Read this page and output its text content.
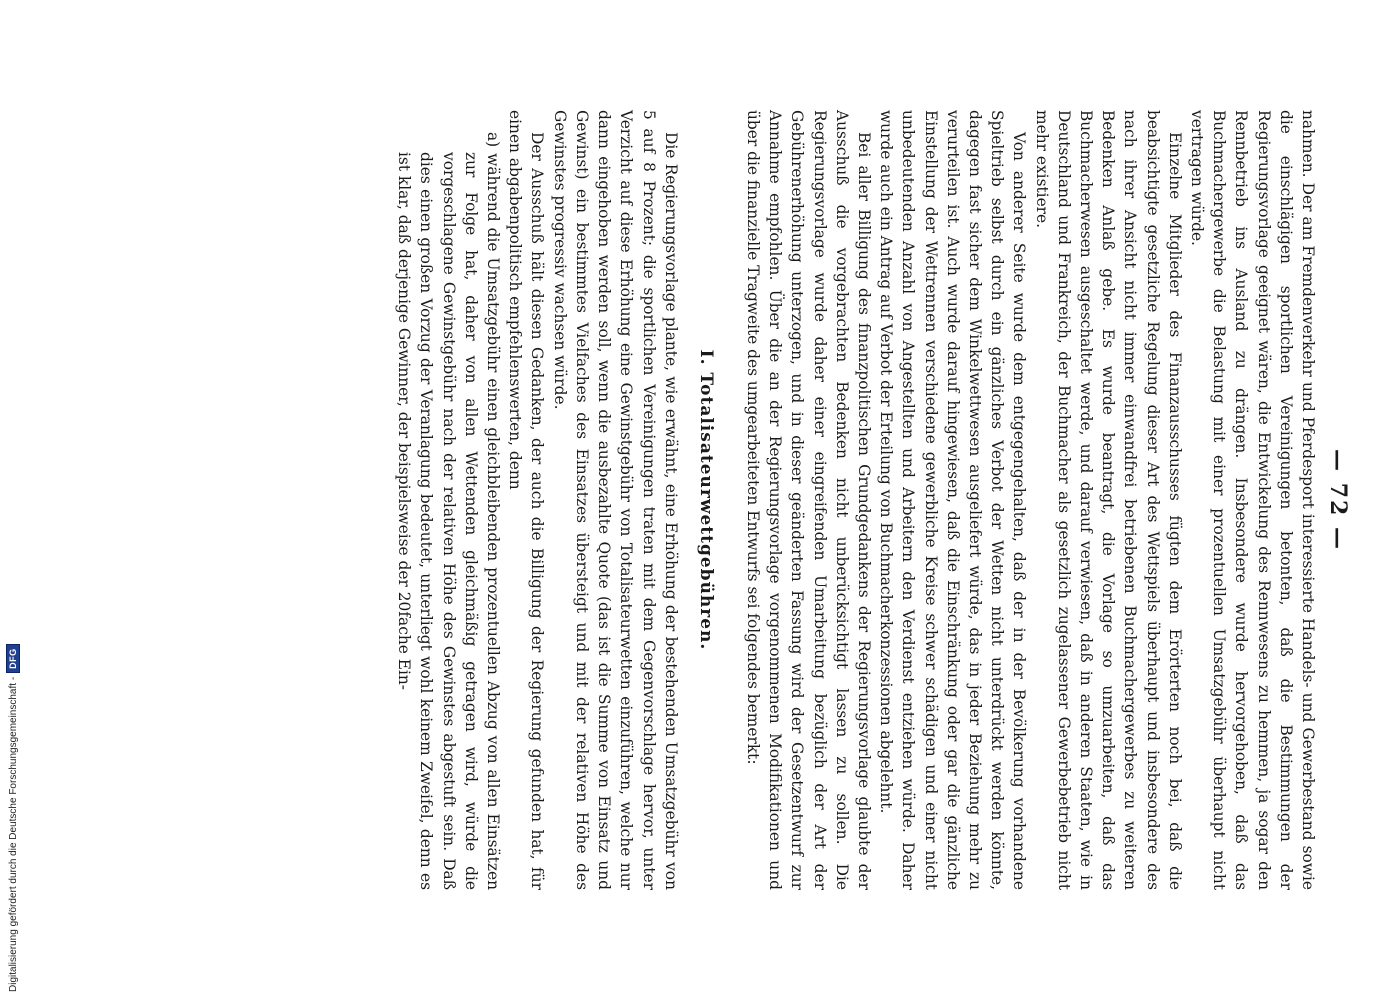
— 72 —

nahmen. Der am Fremdenverkehr und Pferdesport interessierte Handels- und Gewerbestand sowie die einschlägigen sportlichen Vereinigungen betonten, daß die Bestimmungen der Regierungsvorlage geeignet wären, die Entwickelung des Rennwesens zu hemmen, ja sogar den Rennbetrieb ins Ausland zu drängen. Insbesondere wurde hervorgehoben, daß das Buchmachergewerbe die Belastung mit einer prozentuellen Umsatzgebühr überhaupt nicht vertragen würde.

Einzelne Mitglieder des Finanzausschusses fügten dem Erörterten noch bei, daß die beabsichtigte gesetzliche Regelung dieser Art des Wettspiels überhaupt und insbesondere des nach ihrer Ansicht nicht immer einwandfrei betriebenen Buchmachergewerbes zu weiteren Bedenken Anlaß gebe. Es wurde beantragt, die Vorlage so umzuarbeiten, daß das Buchmacherwesen ausgeschaltet werde, und darauf verwiesen, daß in anderen Staaten, wie in Deutschland und Frankreich, der Buchmacher als gesetzlich zugelassener Gewerbebetrieb nicht mehr existiere.

Von anderer Seite wurde dem entgegengehalten, daß der in der Bevölkerung vorhandene Spieltrieb selbst durch ein gänzliches Verbot der Wetten nicht unterdrückt werden könnte, dagegen fast sicher dem Winkelwettwesen ausgeliefert würde, das in jeder Beziehung mehr zu verurteilen ist. Auch wurde darauf hingewiesen, daß die Einschränkung oder gar die gänzliche Einstellung der Wettrennen verschiedene gewerbliche Kreise schwer schädigen und einer nicht unbedeutenden Anzahl von Angestellten und Arbeitern den Verdienst entziehen würde. Daher wurde auch ein Antrag auf Verbot der Erteilung von Buchmacherkonzessionen abgelehnt.

Bei aller Billigung des finanzpolitischen Grundgedankens der Regierungsvorlage glaubte der Ausschuß die vorgebrachten Bedenken nicht unberücksichtigt lassen zu sollen. Die Regierungsvorlage wurde daher einer eingreifenden Umarbeitung bezüglich der Art der Gebührenerhöhung unterzogen, und in dieser geänderten Fassung wird der Gesetzentwurf zur Annahme empfohlen. Über die an der Regierungsvorlage vorgenommenen Modifikationen und über die finanzielle Tragweite des umgearbeiteten Entwurfs sei folgendes bemerkt:

I. Totalisateurwettgebühren.

Die Regierungsvorlage plante, wie erwähnt, eine Erhöhung der bestehenden Umsatzgebühr von 5 auf 8 Prozent; die sportlichen Vereinigungen traten mit dem Gegenvorschlage hervor, unter Verzicht auf diese Erhöhung eine Gewinstgebühr von Totalisateurwetten einzuführen, welche nur dann eingehoben werden soll, wenn die ausbezahlte Quote (das ist die Summe von Einsatz und Gewinst) ein bestimmtes Vielfaches des Einsatzes übersteigt und mit der relativen Höhe des Gewinstes progressiv wachsen würde.

Der Ausschuß hält diesen Gedanken, der auch die Billigung der Regierung gefunden hat, für einen abgabenpolitisch empfehlenswerten, denn

a) während die Umsatzgebühr einen gleichbleibenden prozentuellen Abzug von allen Einsätzen zur Folge hat, daher von allen Wettenden gleichmäßig getragen wird, würde die vorgeschlagene Gewinstgebühr nach der relativen Höhe des Gewinstes abgestuft sein. Daß dies einen großen Vorzug der Veranlagung bedeutet, unterliegt wohl keinem Zweifel, denn es ist klar, daß derjenige Gewinner, der beispielsweise der 20fache Ein-

Digitalisierung gefördert durch die Deutsche Forschungsgemeinschaft -
DFG
